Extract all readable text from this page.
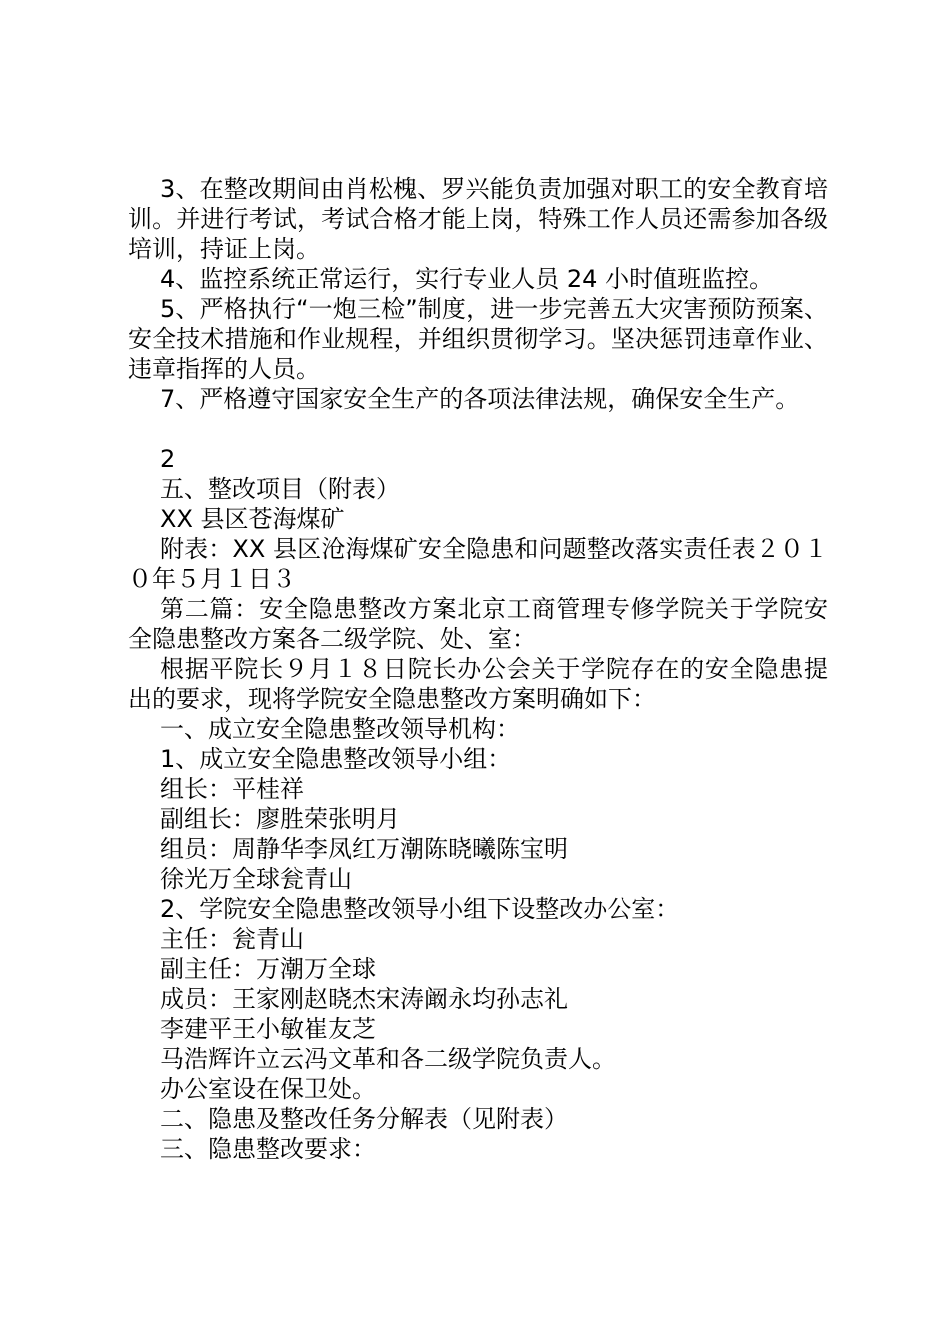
3、在整改期间由肖松槐、罗兴能负责加强对职工的安全教育培训。并进行考试，考试合格才能上岗，特殊工作人员还需参加各级培训，持证上岗。

4、监控系统正常运行，实行专业人员 24 小时值班监控。

5、严格执行“一炮三检”制度，进一步完善五大灾害预防预案、安全技术措施和作业规程，并组织贯彻学习。坚决惩罚违章作业、违章指挥的人员。

7、严格遵守国家安全生产的各项法律法规，确保安全生产。

2

五、整改项目（附表）

XX 县区苍海煤矿

附表：XX 县区沧海煤矿安全隐患和问题整改落实责任表２０１０年５月１日３

第二篇：安全隐患整改方案北京工商管理专修学院关于学院安全隐患整改方案各二级学院、处、室：

根据平院长９月１８日院长办公会关于学院存在的安全隐患提出的要求，现将学院安全隐患整改方案明确如下：

一、成立安全隐患整改领导机构：

1、成立安全隐患整改领导小组：

组长：平桂祥

副组长：廖胜荣张明月

组员：周静华李凤红万潮陈晓曦陈宝明

徐光万全球瓮青山

2、学院安全隐患整改领导小组下设整改办公室：

主任：瓮青山

副主任：万潮万全球

成员：王家刚赵晓杰宋涛阚永均孙志礼

李建平王小敏崔友芝

马浩辉许立云冯文革和各二级学院负责人。

办公室设在保卫处。

二、隐患及整改任务分解表（见附表）

三、隐患整改要求：
